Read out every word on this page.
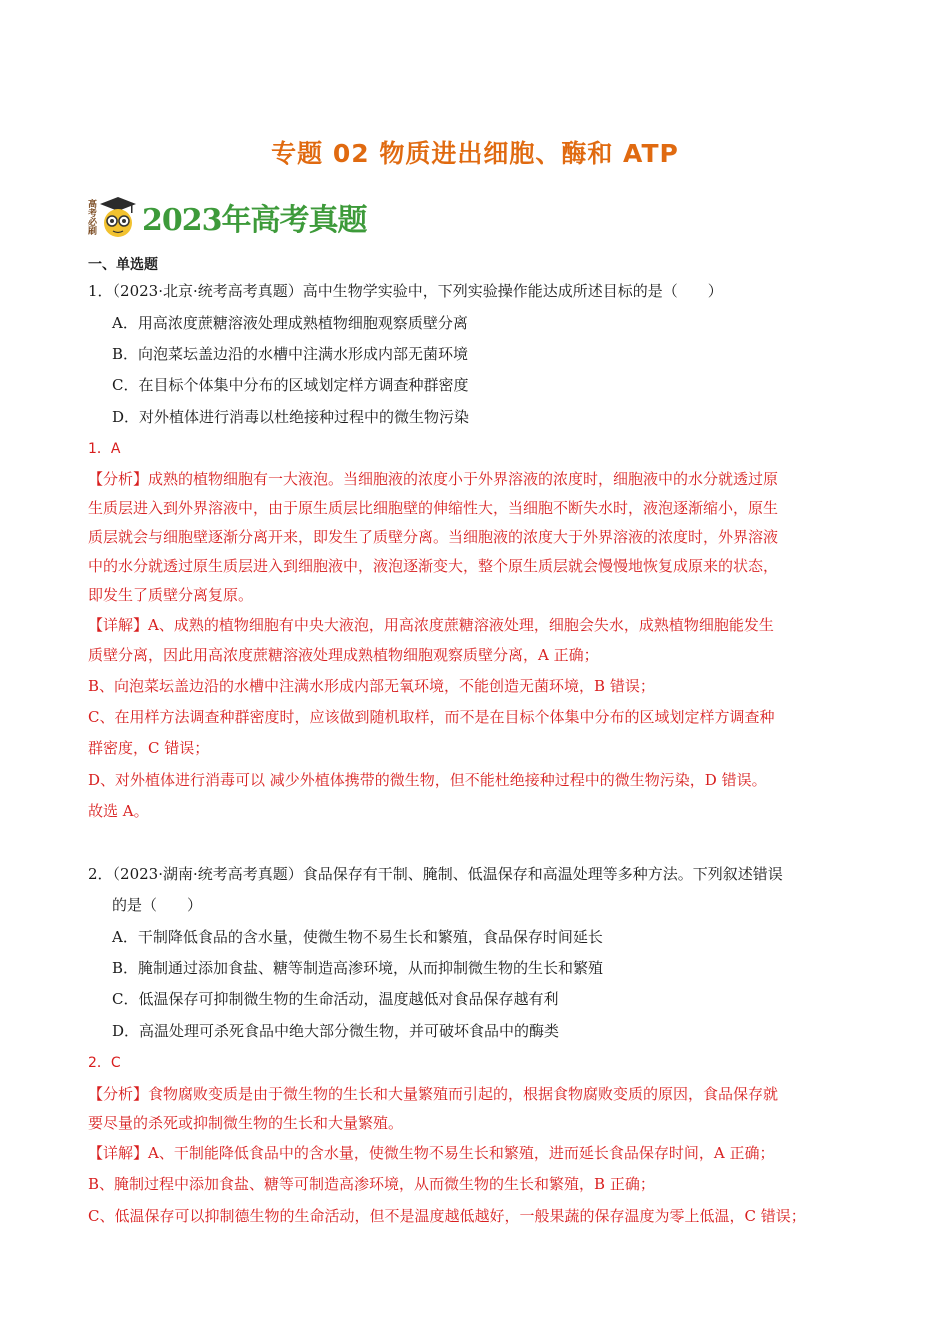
专题 02 物质进出细胞、酶和 ATP
高考必刷 2023年高考真题
一、单选题
1．（2023·北京·统考高考真题）高中生物学实验中，下列实验操作能达成所述目标的是（　　）
A．用高浓度蔗糖溶液处理成熟植物细胞观察质壁分离
B．向泡菜坛盖边沿的水槽中注满水形成内部无菌环境
C．在目标个体集中分布的区域划定样方调查种群密度
D．对外植体进行消毒以杜绝接种过程中的微生物污染
1．A
【分析】成熟的植物细胞有一大液泡。当细胞液的浓度小于外界溶液的浓度时，细胞液中的水分就透过原
生质层进入到外界溶液中，由于原生质层比细胞壁的伸缩性大，当细胞不断失水时，液泡逐渐缩小，原生
质层就会与细胞壁逐渐分离开来，即发生了质壁分离。当细胞液的浓度大于外界溶液的浓度时，外界溶液
中的水分就透过原生质层进入到细胞液中，液泡逐渐变大，整个原生质层就会慢慢地恢复成原来的状态，
即发生了质壁分离复原。
【详解】A、成熟的植物细胞有中央大液泡，用高浓度蔗糖溶液处理，细胞会失水，成熟植物细胞能发生
质壁分离，因此用高浓度蔗糖溶液处理成熟植物细胞观察质壁分离，A 正确；
B、向泡菜坛盖边沿的水槽中注满水形成内部无氧环境，不能创造无菌环境，B 错误；
C、在用样方法调查种群密度时，应该做到随机取样，而不是在目标个体集中分布的区域划定样方调查种
群密度，C 错误；
D、对外植体进行消毒可以 减少外植体携带的微生物，但不能杜绝接种过程中的微生物污染，D 错误。
故选 A。
2．（2023·湖南·统考高考真题）食品保存有干制、腌制、低温保存和高温处理等多种方法。下列叙述错误
的是（　　）
A．干制降低食品的含水量，使微生物不易生长和繁殖，食品保存时间延长
B．腌制通过添加食盐、糖等制造高渗环境，从而抑制微生物的生长和繁殖
C．低温保存可抑制微生物的生命活动，温度越低对食品保存越有利
D．高温处理可杀死食品中绝大部分微生物，并可破坏食品中的酶类
2．C
【分析】食物腐败变质是由于微生物的生长和大量繁殖而引起的，根据食物腐败变质的原因，食品保存就
要尽量的杀死或抑制微生物的生长和大量繁殖。
【详解】A、干制能降低食品中的含水量，使微生物不易生长和繁殖，进而延长食品保存时间，A 正确；
B、腌制过程中添加食盐、糖等可制造高渗环境，从而微生物的生长和繁殖，B 正确；
C、低温保存可以抑制德生物的生命活动，但不是温度越低越好，一般果蔬的保存温度为零上低温，C 错误；
